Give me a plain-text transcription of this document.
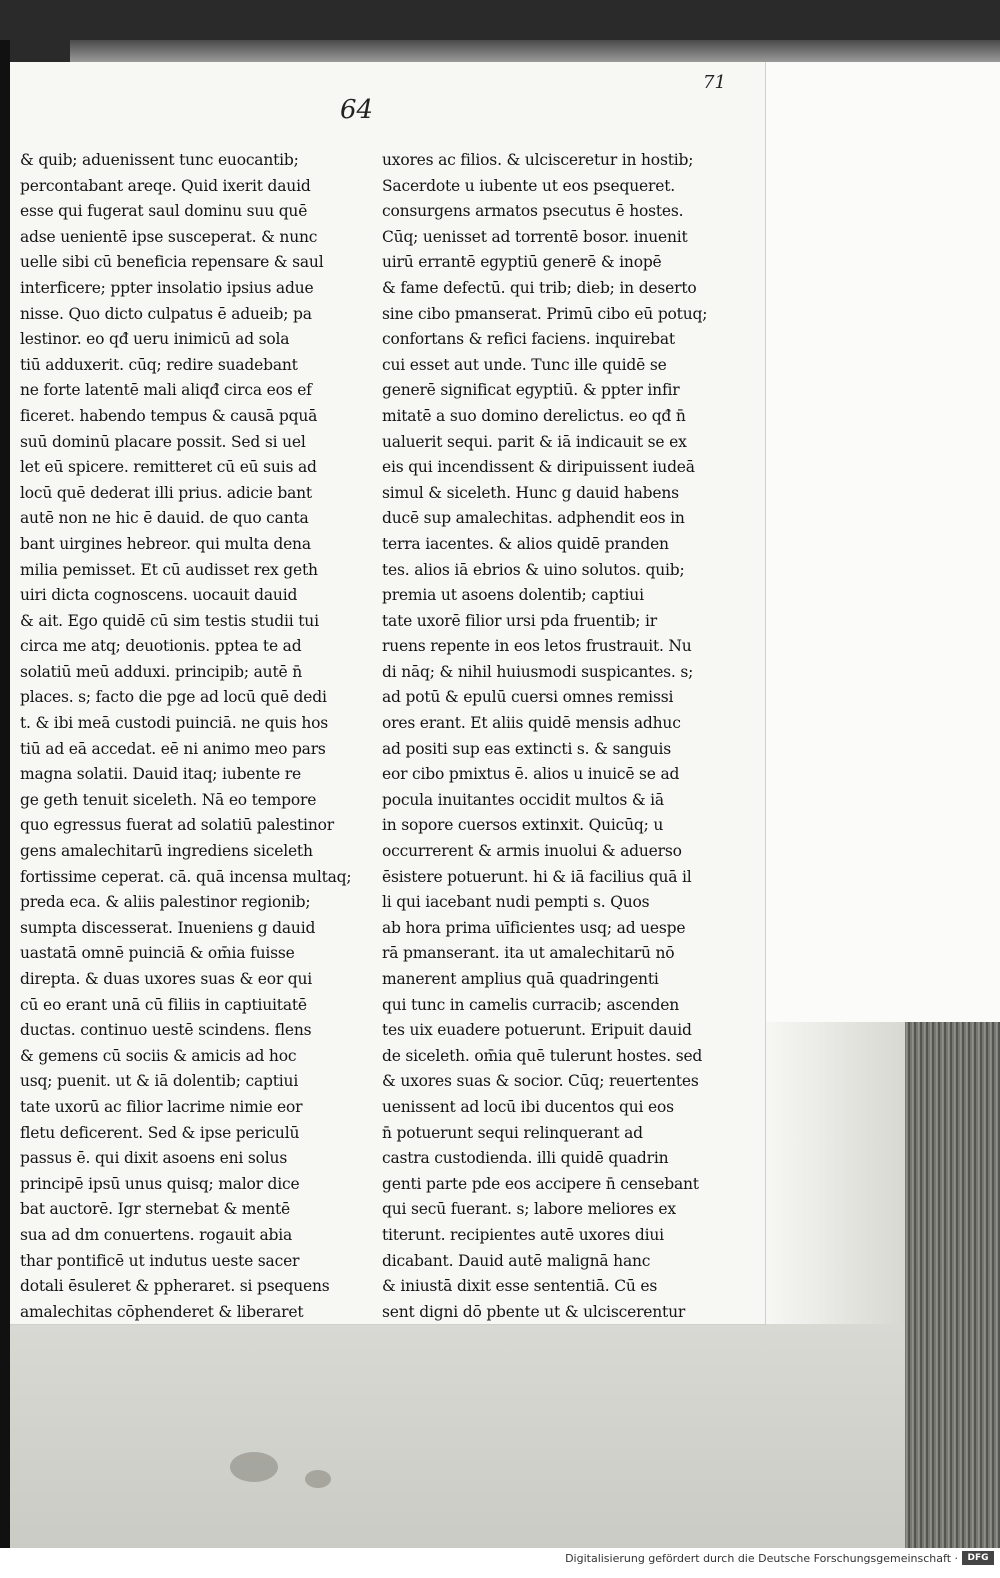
64
71
& quib; aduenissent tunc euocantib;
percontabant areqe. Quid ixerit dauid
esse qui fugerat saul dominu suu quē
adse uenientē ipse susceperat. & nunc
uelle sibi cū beneficia repensare & saul
interficere; ppter insolatio ipsius adue
nisse. Quo dicto culpatus ē adueib; pa
lestinor. eo qđ ueru inimicū ad sola
tiū adduxerit. cūq; redire suadebant
ne forte latentē mali aliqđ circa eos ef
ficeret. habendo tempus & causā pquā
suū dominū placare possit. Sed si uel
let eū spicere. remitteret cū eū suis ad
locū quē dederat illi prius. adicie bant
autē non ne hic ē dauid. de quo canta
bant uirgines hebreor. qui multa dena
milia pemisset. Et cū audisset rex geth
uiri dicta cognoscens. uocauit dauid
& ait. Ego quidē cū sim testis studii tui
circa me atq; deuotionis. pptea te ad
solatiū meū adduxi. principib; autē n̄
places. s; facto die pge ad locū quē dedi
t. & ibi meā custodi puinciā. ne quis hos
tiū ad eā accedat. eē ni animo meo pars
magna solatii. Dauid itaq; iubente re
ge geth tenuit siceleth. Nā eo tempore
quo egressus fuerat ad solatiū palestinor
gens amalechitarū ingrediens siceleth
fortissime ceperat. cā. quā incensa multaq;
preda eca. & aliis palestinor regionib;
sumpta discesserat. Inueniens g dauid
uastatā omnē puinciā & om̄ia fuisse
direpta. & duas uxores suas & eor qui
cū eo erant unā cū filiis in captiuitatē
ductas. continuo uestē scindens. flens
& gemens cū sociis & amicis ad hoc
usq; puenit. ut & iā dolentib; captiui
tate uxorū ac filior lacrime nimie eor
fletu deficerent. Sed & ipse periculū
passus ē. qui dixit asoens eni solus
principē ipsū unus quisq; malor dice
bat auctorē. Igr sternebat & mentē
sua ad dm conuertens. rogauit abia
thar pontificē ut indutus ueste sacer
dotali ēsuleret & ppheraret. si psequens
amalechitas cōphenderet & liberaret
uxores ac filios. & ulcisceretur in hostib;
Sacerdote u iubente ut eos psequeret.
consurgens armatos psecutus ē hostes.
Cūq; uenisset ad torrentē bosor. inuenit
uirū errantē egyptiū generē & inopē
& fame defectū. qui trib; dieb; in deserto
sine cibo pmanserat. Primū cibo eū potuq;
confortans & refici faciens. inquirebat
cui esset aut unde. Tunc ille quidē se
generē significat egyptiū. & ppter infir
mitatē a suo domino derelictus. eo qđ n̄
ualuerit sequi. parit & iā indicauit se ex
eis qui incendissent & diripuissent iudeā
simul & siceleth. Hunc g dauid habens
ducē sup amalechitas. adphendit eos in
terra iacentes. & alios quidē pranden
tes. alios iā ebrios & uino solutos. quib;
premia ut asoens dolentib; captiui
tate uxorē filior ursi pda fruentib; ir
ruens repente in eos letos frustrauit. Nu
di nāq; & nihil huiusmodi suspicantes. s;
ad potū & epulū cuersi omnes remissi
ores erant. Et aliis quidē mensis adhuc
ad positi sup eas extincti s. & sanguis
eor cibo pmixtus ē. alios u inuicē se ad
pocula inuitantes occidit multos & iā
in sopore cuersos extinxit. Quicūq; u
occurrerent & armis inuolui & aduerso
ēsistere potuerunt. hi & iā facilius quā il
li qui iacebant nudi pempti s. Quos
ab hora prima uīficientes usq; ad uespe
rā pmanserant. ita ut amalechitarū nō
manerent amplius quā quadringenti
qui tunc in camelis curracib; ascenden
tes uix euadere potuerunt. Eripuit dauid
de siceleth. om̄ia quē tulerunt hostes. sed
& uxores suas & socior. Cūq; reuertentes
uenissent ad locū ibi ducentos qui eos
n̄ potuerunt sequi relinquerant ad
castra custodienda. illi quidē quadrin
genti parte pde eos accipere n̄ censebant
qui secū fuerant. s; labore meliores ex
titerunt. recipientes autē uxores diui
dicabant. Dauid autē malignā hanc
& iniustā dixit esse sententiā. Cū es
sent digni dō pbente ut & ulciscerentur
Digitalisierung gefördert durch die Deutsche Forschungsgemeinschaft ·	DFG
